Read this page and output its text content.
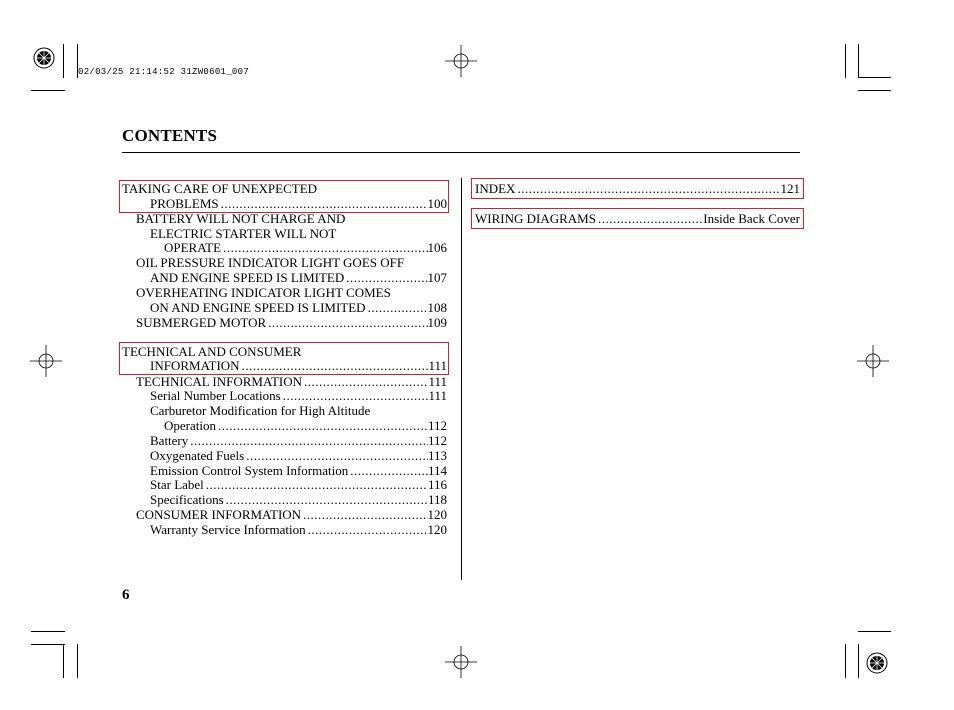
02/03/25 21:14:52 31ZW0601_007
CONTENTS
TAKING CARE OF UNEXPECTED
PROBLEMS .....	100
BATTERY WILL NOT CHARGE AND
ELECTRIC STARTER WILL NOT
OPERATE .....	106
OIL PRESSURE INDICATOR LIGHT GOES OFF
AND ENGINE SPEED IS LIMITED .....	107
OVERHEATING INDICATOR LIGHT COMES
ON AND ENGINE SPEED IS LIMITED .....	108
SUBMERGED MOTOR .....	109
TECHNICAL AND CONSUMER
INFORMATION .....	111
TECHNICAL INFORMATION .....	111
Serial Number Locations .....	111
Carburetor Modification for High Altitude
Operation .....	112
Battery .....	112
Oxygenated Fuels .....	113
Emission Control System Information .....	114
Star Label .....	116
Specifications .....	118
CONSUMER INFORMATION .....	120
Warranty Service Information .....	120
INDEX .....	121
WIRING DIAGRAMS .....	Inside Back Cover
6
